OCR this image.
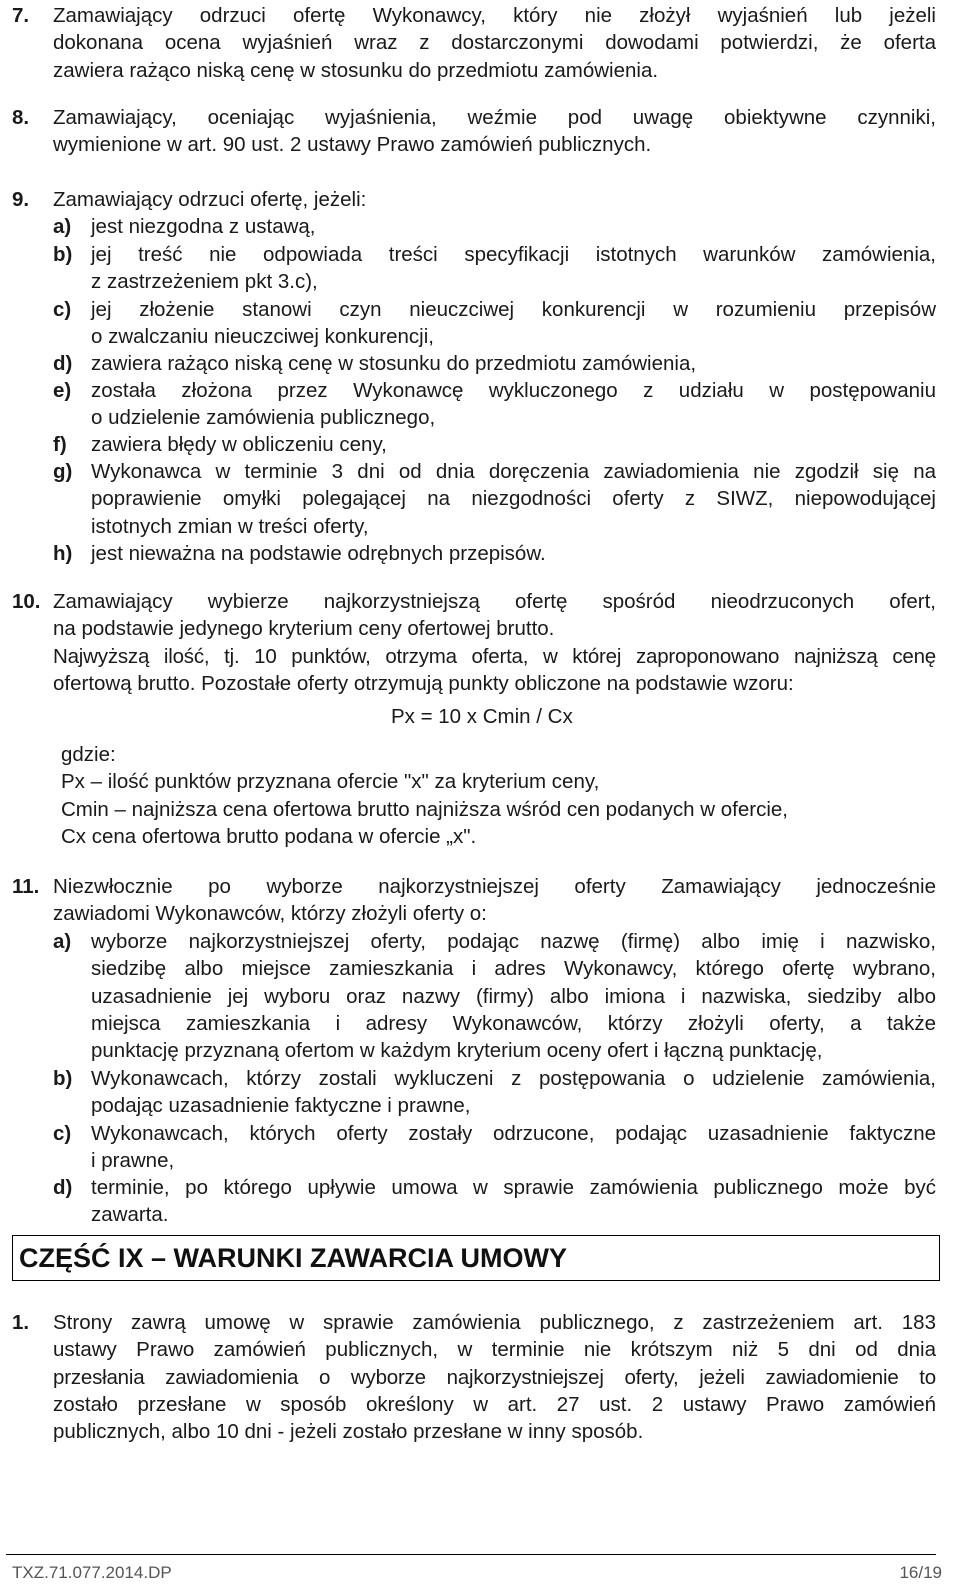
7. Zamawiający odrzuci ofertę Wykonawcy, który nie złożył wyjaśnień lub jeżeli
dokonana ocena wyjaśnień wraz z dostarczonymi dowodami potwierdzi, że oferta
zawiera rażąco niską cenę w stosunku do przedmiotu zamówienia.
8. Zamawiający, oceniając wyjaśnienia, weźmie pod uwagę obiektywne czynniki,
wymienione w art. 90 ust. 2 ustawy Prawo zamówień publicznych.
9. Zamawiający odrzuci ofertę, jeżeli:
a) jest niezgodna z ustawą,
b) jej treść nie odpowiada treści specyfikacji istotnych warunków zamówienia,
z zastrzeżeniem pkt 3.c),
c) jej złożenie stanowi czyn nieuczciwej konkurencji w rozumieniu przepisów
o zwalczaniu nieuczciwej konkurencji,
d) zawiera rażąco niską cenę w stosunku do przedmiotu zamówienia,
e) została złożona przez Wykonawcę wykluczonego z udziału w postępowaniu
o udzielenie zamówienia publicznego,
f) zawiera błędy w obliczeniu ceny,
g) Wykonawca w terminie 3 dni od dnia doręczenia zawiadomienia nie zgodził się na
poprawienie omyłki polegającej na niezgodności oferty z SIWZ, niepowodującej
istotnych zmian w treści oferty,
h) jest nieważna na podstawie odrębnych przepisów.
10. Zamawiający wybierze najkorzystniejszą ofertę spośród nieodrzuconych ofert,
na podstawie jedynego kryterium ceny ofertowej brutto.
Najwyższą ilość, tj. 10 punktów, otrzyma oferta, w której zaproponowano najniższą cenę
ofertową brutto. Pozostałe oferty otrzymują punkty obliczone na podstawie wzoru:
Px = 10 x Cmin / Cx
gdzie:
Px – ilość punktów przyznana ofercie "x" za kryterium ceny,
Cmin – najniższa cena ofertowa brutto najniższa wśród cen podanych w ofercie,
Cx cena ofertowa brutto podana w ofercie „x".
11. Niezwłocznie po wyborze najkorzystniejszej oferty Zamawiający jednocześnie
zawiadomi Wykonawców, którzy złożyli oferty o:
a) wyborze najkorzystniejszej oferty, podając nazwę (firmę) albo imię i nazwisko,
siedzibę albo miejsce zamieszkania i adres Wykonawcy, którego ofertę wybrano,
uzasadnienie jej wyboru oraz nazwy (firmy) albo imiona i nazwiska, siedziby albo
miejsca zamieszkania i adresy Wykonawców, którzy złożyli oferty, a także
punktację przyznaną ofertom w każdym kryterium oceny ofert i łączną punktację,
b) Wykonawcach, którzy zostali wykluczeni z postępowania o udzielenie zamówienia,
podając uzasadnienie faktyczne i prawne,
c) Wykonawcach, których oferty zostały odrzucone, podając uzasadnienie faktyczne
i prawne,
d) terminie, po którego upływie umowa w sprawie zamówienia publicznego może być
zawarta.
CZĘŚĆ IX – WARUNKI ZAWARCIA UMOWY
1. Strony zawrą umowę w sprawie zamówienia publicznego, z zastrzeżeniem art. 183
ustawy Prawo zamówień publicznych, w terminie nie krótszym niż 5 dni od dnia
przesłania zawiadomienia o wyborze najkorzystniejszej oferty, jeżeli zawiadomienie to
zostało przesłane w sposób określony w art. 27 ust. 2 ustawy Prawo zamówień
publicznych, albo 10 dni - jeżeli zostało przesłane w inny sposób.
TXZ.71.077.2014.DP	16/19
